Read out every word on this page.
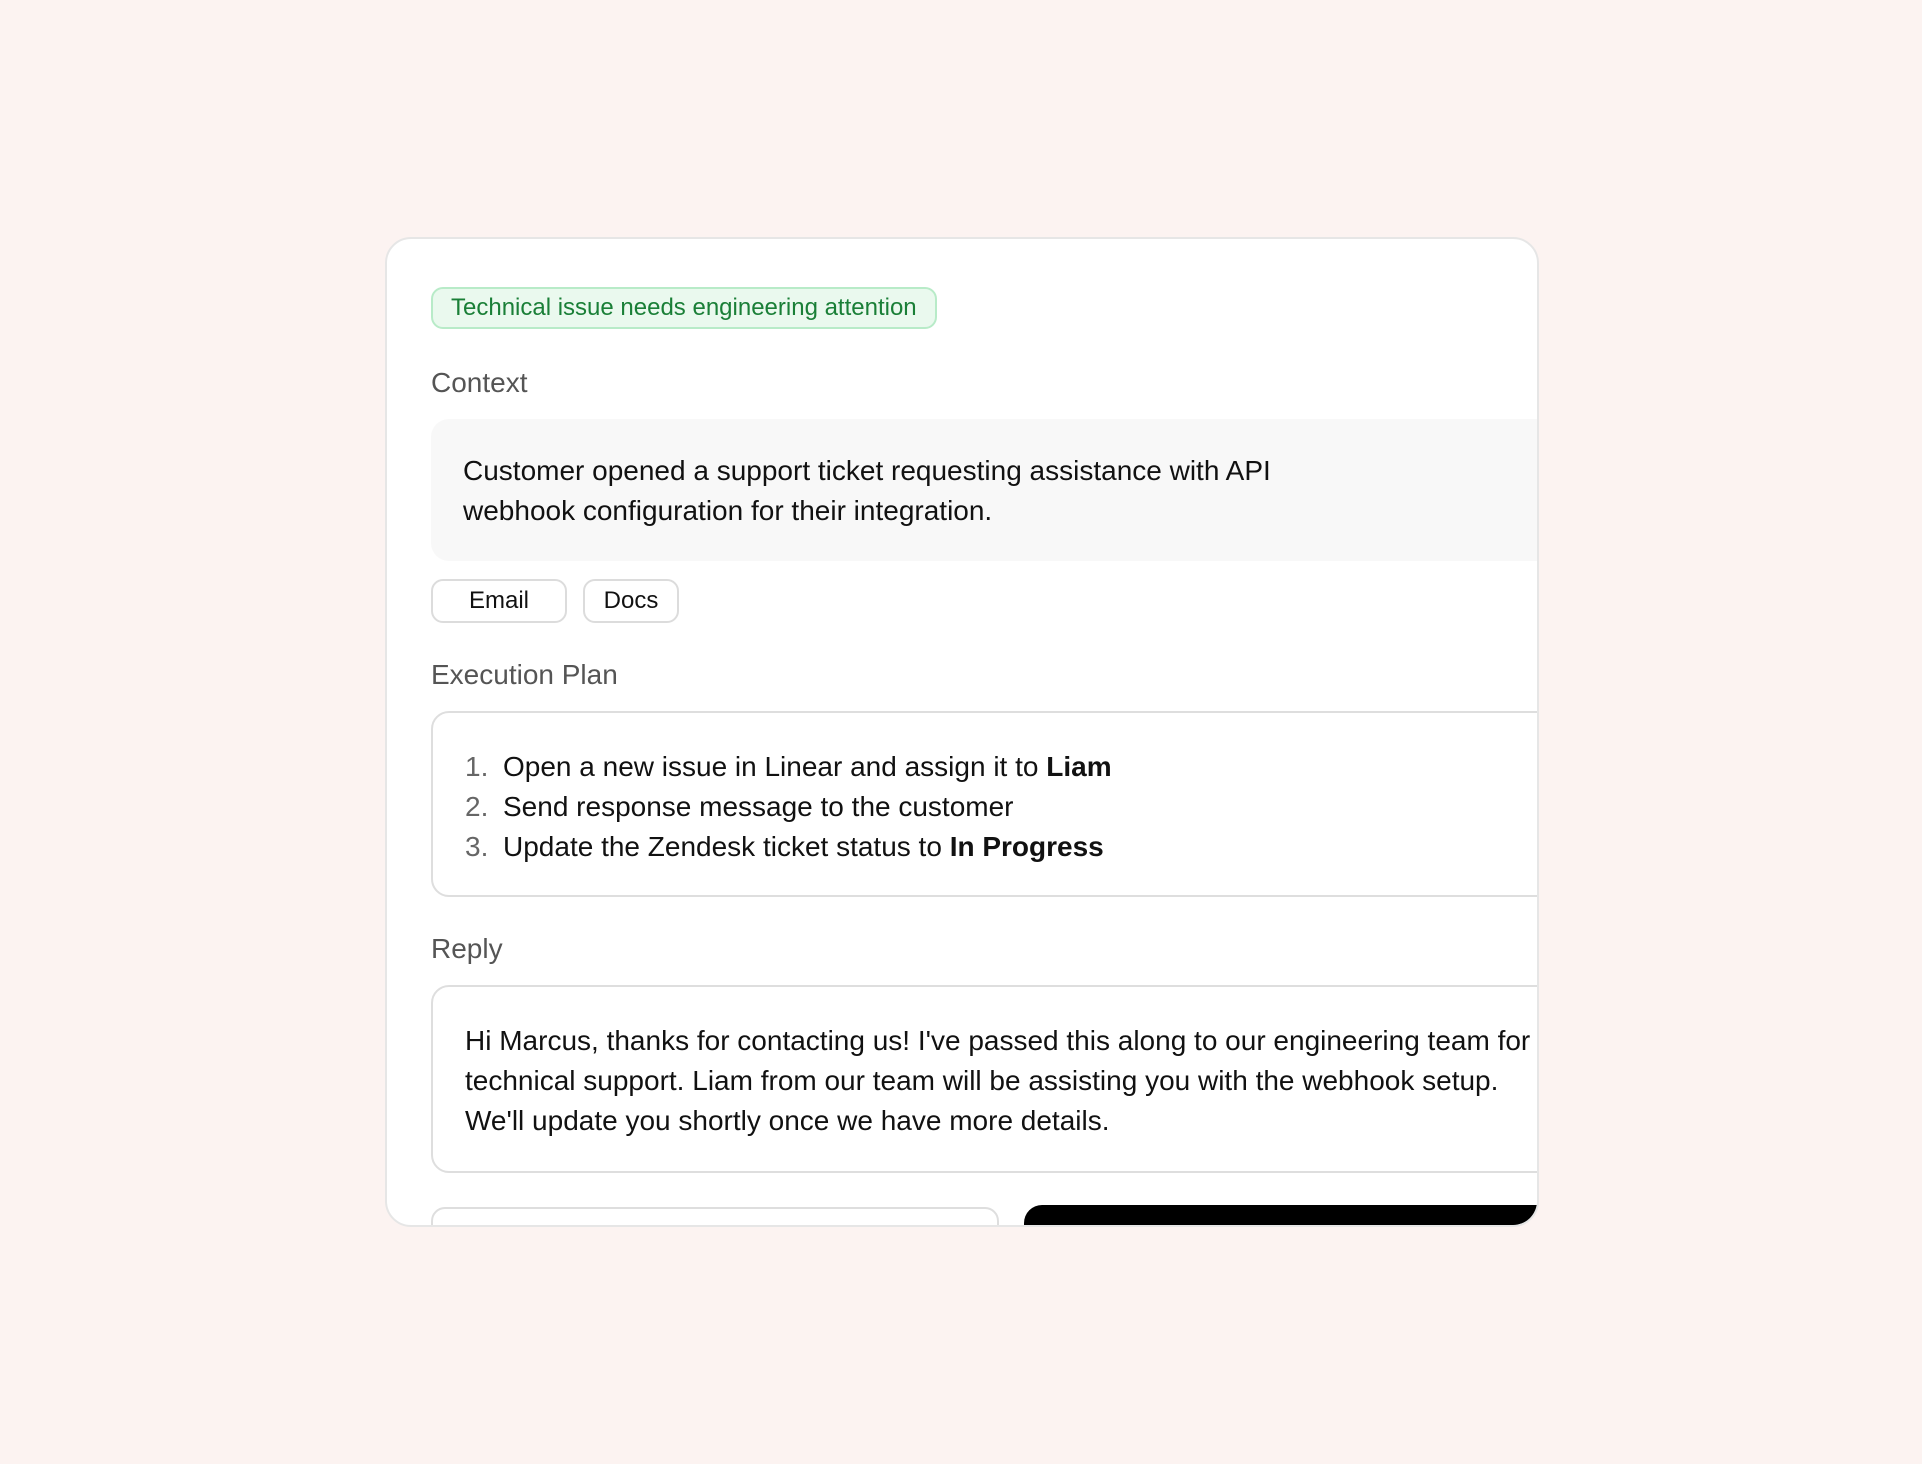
Technical issue needs engineering attention
Context
Customer opened a support ticket requesting assistance with API webhook configuration for their integration.
Email	Docs
Execution Plan
1. Open a new issue in Linear and assign it to Liam
2. Send response message to the customer
3. Update the Zendesk ticket status to In Progress
Reply
Hi Marcus, thanks for contacting us! I've passed this along to our engineering team for technical support. Liam from our team will be assisting you with the webhook setup. We'll update you shortly once we have more details.
